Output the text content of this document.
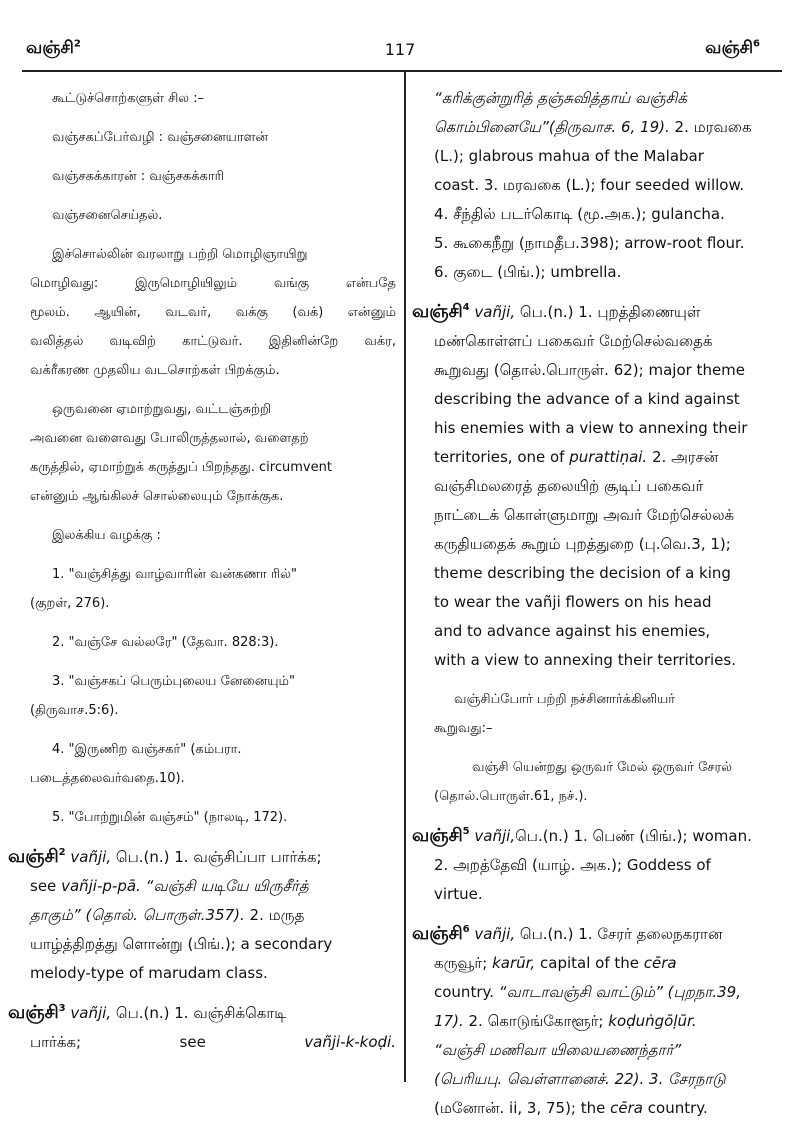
வஞ்சி$^2$	117	வஞ்சி$^6$

கூட்டுச்சொற்களுள் சில :–

வஞ்சகப்பேர்வழி : வஞ்சனையாளன்

வஞ்சகக்காரன் : வஞ்சகக்காரி

வஞ்சனைசெய்தல்.

இச்சொல்லின் வரலாறு பற்றி மொழிஞாயிறு

மொழிவது: இருமொழியிலும் வங்கு என்பதே

மூலம். ஆயின், வடவர், வக்கு (வக்) என்னும்

வலித்தல் வடிவிற் காட்டுவர். இதினின்றே வக்ர,

வக்ரீகரண முதலிய வடசொற்கள் பிறக்கும்.

ஒருவனை ஏமாற்றுவது, வட்டஞ்சுற்றி

அவனை வளைவது போலிருத்தலால், வளைதற்

கருத்தில், ஏமாற்றுக் கருத்துப் பிறந்தது. circumvent

என்னும் ஆங்கிலச் சொல்லையும் நோக்குக.

இலக்கிய வழக்கு :

1. "வஞ்சித்து வாழ்வாரின் வன்கணா ரில்"

(குறள், 276).

2. "வஞ்சே வல்லரே" (தேவா. 828:3).

3. "வஞ்சகப் பெரும்புலைய னேனையும்"

(திருவாச.5:6).

4. "இருணிற வஞ்சகர்" (கம்பரா.

படைத்தலைவர்வதை.10).

5. "போற்றுமின் வஞ்சம்" (நாலடி, 172).

வஞ்சி$^2$ vañji, பெ.(n.) 1. வஞ்சிப்பா பார்க்க;

see vañji-p-pā. “வஞ்சி யடியே யிருசீர்த்

தாகும்” (தொல். பொருள்.357). 2. மருத

யாழ்த்திறத்து ளொன்று (பிங்.); a secondary

melody-type of marudam class.

வஞ்சி$^3$ vañji, பெ.(n.) 1. வஞ்சிக்கொடி

பார்க்க;	see	vañji-k-koḍi.

“கரிக்குன்றுரித் தஞ்சுவித்தாய் வஞ்சிக்

கொம்பினையே”(திருவாச. 6, 19). 2. மரவகை

(L.); glabrous mahua of the Malabar

coast. 3. மரவகை (L.); four seeded willow.

4. சீந்தில் படர்கொடி (மூ.அக.); gulancha.

5. கூகைநீறு (நாமதீப.398); arrow-root flour.

6. குடை (பிங்.); umbrella.

வஞ்சி$^4$ vañji, பெ.(n.) 1. புறத்திணையுள்

மண்கொள்ளப் பகைவர் மேற்செல்வதைக்

கூறுவது (தொல்.பொருள். 62); major theme

describing the advance of a kind against

his enemies with a view to annexing their

territories, one of purattiṇai. 2. அரசன்

வஞ்சிமலரைத் தலையிற் சூடிப் பகைவர்

நாட்டைக் கொள்ளுமாறு அவர் மேற்செல்லக்

கருதியதைக் கூறும் புறத்துறை (பு.வெ.3, 1);

theme describing the decision of a king

to wear the vañji flowers on his head

and to advance against his enemies,

with a view to annexing their territories.

வஞ்சிப்போர் பற்றி நச்சினார்க்கினியர்

கூறுவது:–

வஞ்சி யென்றது ஒருவர் மேல் ஒருவர் சேரல்

(தொல்.பொருள்.61, நச்.).

வஞ்சி$^5$ vañji,பெ.(n.) 1. பெண் (பிங்.); woman.

2. அறத்தேவி (யாழ். அக.); Goddess of

virtue.

வஞ்சி$^6$ vañji, பெ.(n.) 1. சேரர் தலைநகரான

கருவூர்; karūr, capital of the cēra

country. “வாடாவஞ்சி வாட்டும்” (புறநா.39,

17). 2. கொடுங்கோளூர்; koḍuṅgōḷūr.

“வஞ்சி மணிவா யிலையணைந்தார்”

(பெரியபு. வெள்ளானைச். 22). 3. சேரநாடு

(மனோன். ii, 3, 75); the cēra country.
